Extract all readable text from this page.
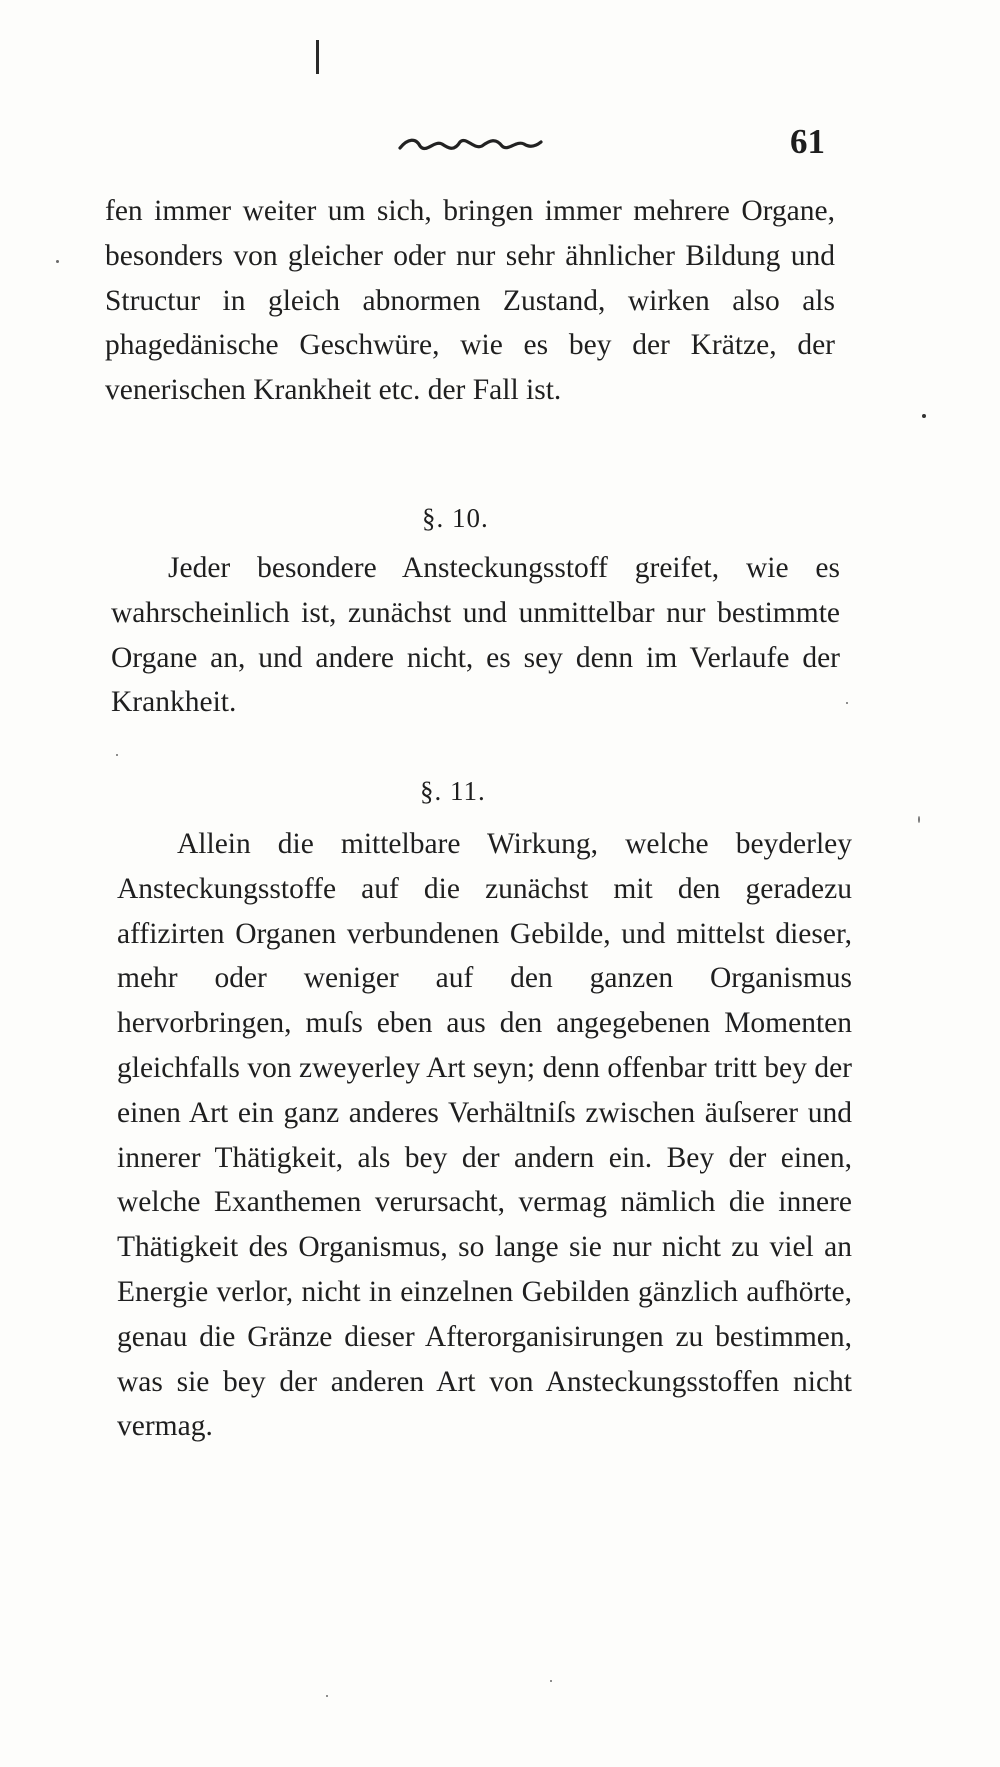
61

fen immer weiter um sich, bringen immer mehrere Organe, besonders von gleicher oder nur sehr ähnlicher Bildung und Structur in gleich abnormen Zustand, wirken also als phagedänische Geschwüre, wie es bey der Krätze, der venerischen Krankheit etc. der Fall ist.

§. 10.

Jeder besondere Ansteckungsstoff greifet, wie es wahrscheinlich ist, zunächst und unmittelbar nur bestimmte Organe an, und andere nicht, es sey denn im Verlaufe der Krankheit.

§. 11.

Allein die mittelbare Wirkung, welche beyderley Ansteckungsstoffe auf die zunächst mit den geradezu affizirten Organen verbundenen Gebilde, und mittelst dieser, mehr oder weniger auf den ganzen Organismus hervorbringen, muſs eben aus den angegebenen Momenten gleichfalls von zweyerley Art seyn; denn offenbar tritt bey der einen Art ein ganz anderes Verhältniſs zwischen äuſserer und innerer Thätigkeit, als bey der andern ein. Bey der einen, welche Exanthemen verursacht, vermag nämlich die innere Thätigkeit des Organismus, so lange sie nur nicht zu viel an Energie verlor, nicht in einzelnen Gebilden gänzlich aufhörte, genau die Gränze dieser Afterorganisirungen zu bestimmen, was sie bey der anderen Art von Ansteckungsstoffen nicht vermag.
